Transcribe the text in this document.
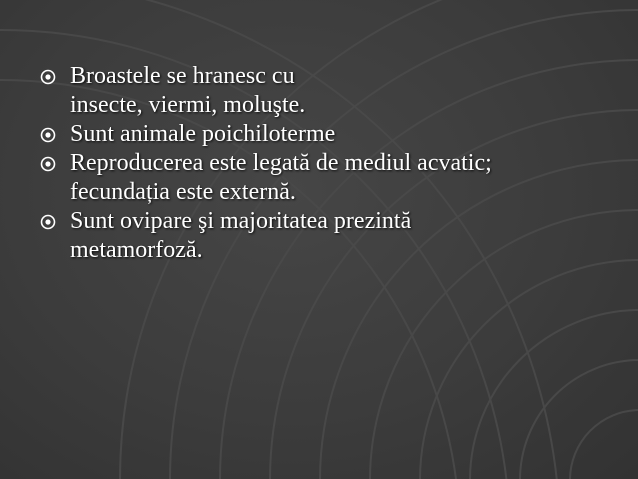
Broastele se hranesc cu
insecte, viermi, moluşte.
Sunt animale poichiloterme
Reproducerea este legată de mediul acvatic;
fecundația este externă.
Sunt ovipare şi majoritatea prezintă
metamorfoză.
